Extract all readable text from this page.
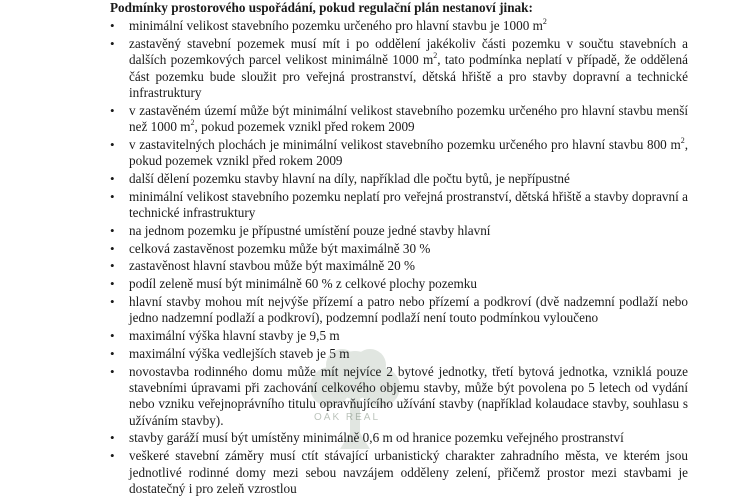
OAK REAL
Podmínky prostorového uspořádání, pokud regulační plán nestanoví jinak:
• minimální velikost stavebního pozemku určeného pro hlavní stavbu je 1000 $m^2$
• zastavěný stavební pozemek musí mít i po oddělení jakékoliv části pozemku v součtu stavebních a dalších pozemkových parcel velikost minimálně 1000 $m^2$, tato podmínka neplatí v případě, že oddělená část pozemku bude sloužit pro veřejná prostranství, dětská hřiště a pro stavby dopravní a technické infrastruktury
• v zastavěném území může být minimální velikost stavebního pozemku určeného pro hlavní stavbu menší než 1000 $m^2$, pokud pozemek vznikl před rokem 2009
• v zastavitelných plochách je minimální velikost stavebního pozemku určeného pro hlavní stavbu 800 $m^2$, pokud pozemek vznikl před rokem 2009
• další dělení pozemku stavby hlavní na díly, například dle počtu bytů, je nepřípustné
• minimální velikost stavebního pozemku neplatí pro veřejná prostranství, dětská hřiště a stavby dopravní a technické infrastruktury
• na jednom pozemku je přípustné umístění pouze jedné stavby hlavní
• celková zastavěnost pozemku může být maximálně 30 %
• zastavěnost hlavní stavbou může být maximálně 20 %
• podíl zeleně musí být minimálně 60 % z celkové plochy pozemku
• hlavní stavby mohou mít nejvýše přízemí a patro nebo přízemí a podkroví (dvě nadzemní podlaží nebo jedno nadzemní podlaží a podkroví), podzemní podlaží není touto podmínkou vyloučeno
• maximální výška hlavní stavby je 9,5 m
• maximální výška vedlejších staveb je 5 m
• novostavba rodinného domu může mít nejvíce 2 bytové jednotky, třetí bytová jednotka, vzniklá pouze stavebními úpravami při zachování celkového objemu stavby, může být povolena po 5 letech od vydání nebo vzniku veřejnoprávního titulu opravňujícího užívání stavby (například kolaudace stavby, souhlasu s užíváním stavby).
• stavby garáží musí být umístěny minimálně 0,6 m od hranice pozemku veřejného prostranství
• veškeré stavební záměry musí ctít stávající urbanistický charakter zahradního města, ve kterém jsou jednotlivé rodinné domy mezi sebou navzájem odděleny zelení, přičemž prostor mezi stavbami je dostatečný i pro zeleň vzrostlou
